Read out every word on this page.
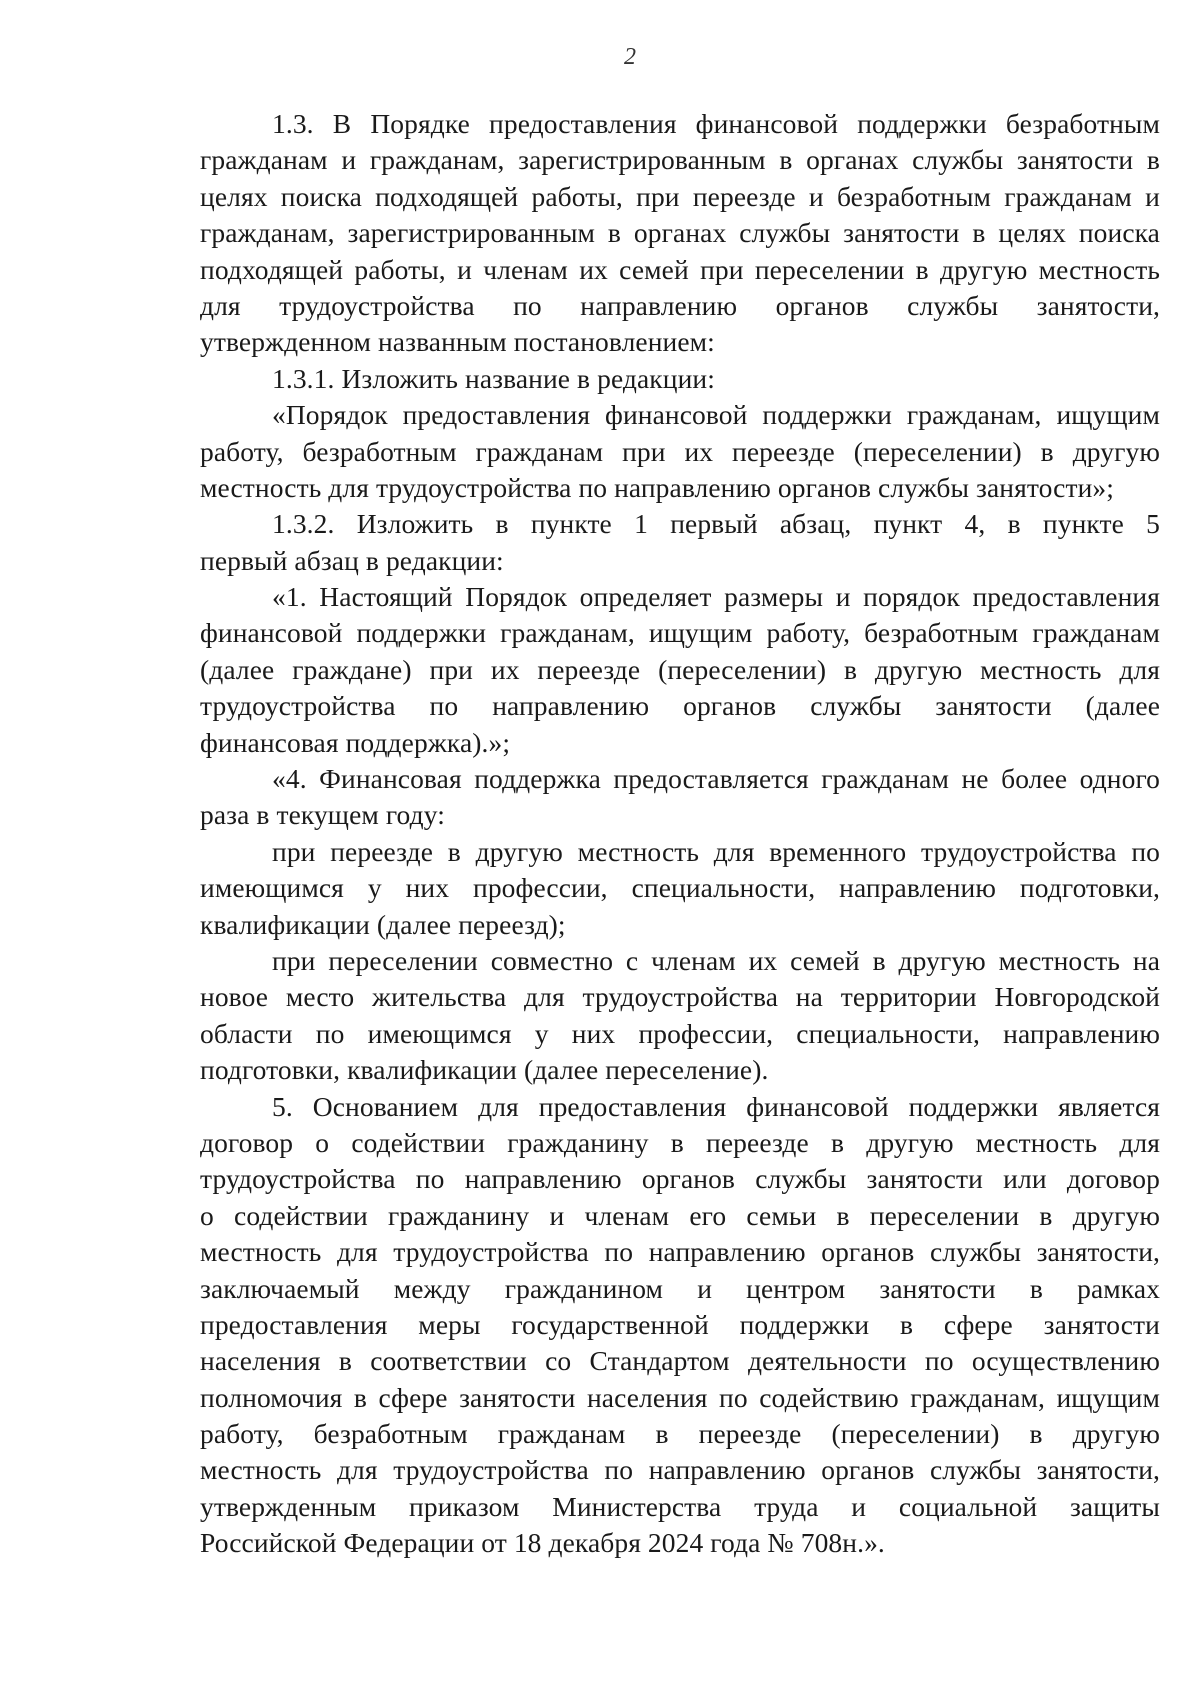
2
1.3. В Порядке предоставления финансовой поддержки безработным
гражданам и гражданам, зарегистрированным в органах службы занятости в
целях поиска подходящей работы, при переезде и безработным гражданам и
гражданам, зарегистрированным в органах службы занятости в целях поиска
подходящей работы, и членам их семей при переселении в другую местность
для трудоустройства по направлению органов службы занятости,
утвержденном названным постановлением:
1.3.1. Изложить название в редакции:
«Порядок предоставления финансовой поддержки гражданам, ищущим
работу, безработным гражданам при их переезде (переселении) в другую
местность для трудоустройства по направлению органов службы занятости»;
1.3.2. Изложить в пункте 1 первый абзац, пункт 4, в пункте 5
первый абзац в редакции:
«1. Настоящий Порядок определяет размеры и порядок предоставления
финансовой поддержки гражданам, ищущим работу, безработным гражданам
(далее граждане) при их переезде (переселении) в другую местность для
трудоустройства по направлению органов службы занятости (далее
финансовая поддержка).»;
«4. Финансовая поддержка предоставляется гражданам не более одного
раза в текущем году:
при переезде в другую местность для временного трудоустройства по
имеющимся у них профессии, специальности, направлению подготовки,
квалификации (далее переезд);
при переселении совместно с членам их семей в другую местность на
новое место жительства для трудоустройства на территории Новгородской
области по имеющимся у них профессии, специальности, направлению
подготовки, квалификации (далее переселение).
5. Основанием для предоставления финансовой поддержки является
договор о содействии гражданину в переезде в другую местность для
трудоустройства по направлению органов службы занятости или договор
о содействии гражданину и членам его семьи в переселении в другую
местность для трудоустройства по направлению органов службы занятости,
заключаемый между гражданином и центром занятости в рамках
предоставления меры государственной поддержки в сфере занятости
населения в соответствии со Стандартом деятельности по осуществлению
полномочия в сфере занятости населения по содействию гражданам, ищущим
работу, безработным гражданам в переезде (переселении) в другую
местность для трудоустройства по направлению органов службы занятости,
утвержденным приказом Министерства труда и социальной защиты
Российской Федерации от 18 декабря 2024 года № 708н.».
